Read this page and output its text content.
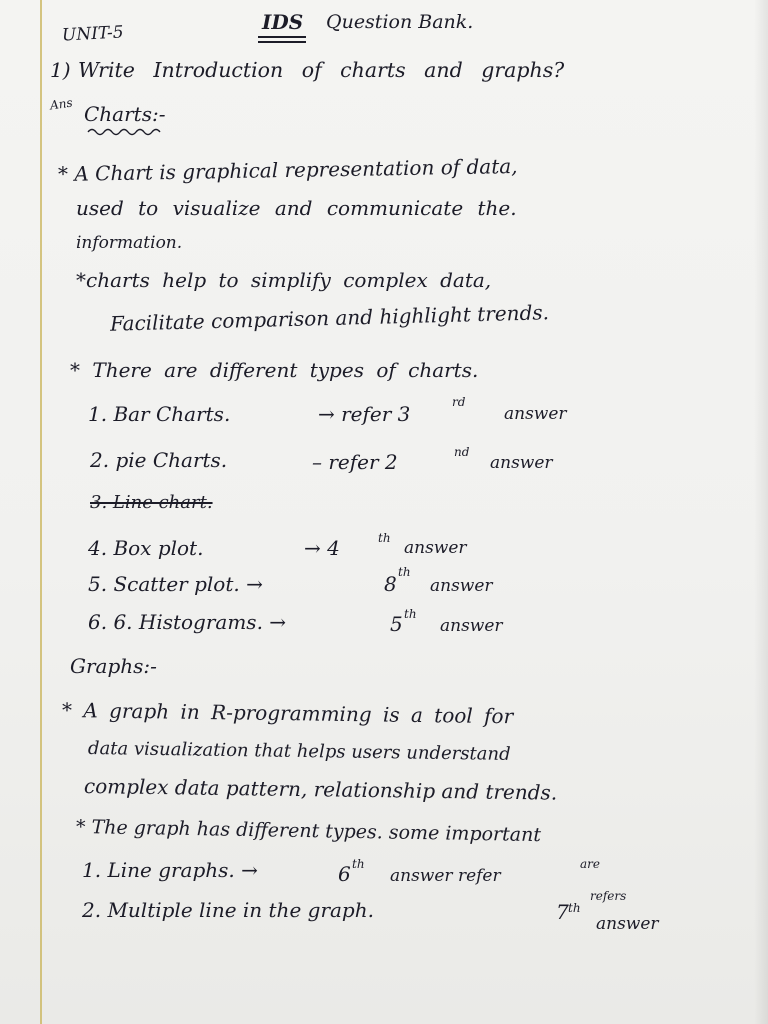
UNIT-5
IDS Question Bank.
1) Write Introduction of charts and graphs?
Ans Charts:-
* A Chart is graphical representation of data,
used to visualize and communicate the.
information.
*charts help to simplify complex data,
Facilitate comparison and highlight trends.
* There are different types of charts.
1. Bar Charts.	→ refer 3	rd
answer
2. pie Charts.	– refer 2	nd
answer
3. Line chart.
4. Box plot.	→ 4	th answer
5. Scatter plot. →	8 th
answer
6. 6. Histograms. →	5 th
answer
Graphs:-
* A graph in R-programming is a tool for
data visualization that helps users understand
complex data pattern, relationship and trends.
* The graph has different types. some important
are
1. Line graphs. →	6 th
answer refer
2. Multiple line in the graph.
refers
7 th
answer
